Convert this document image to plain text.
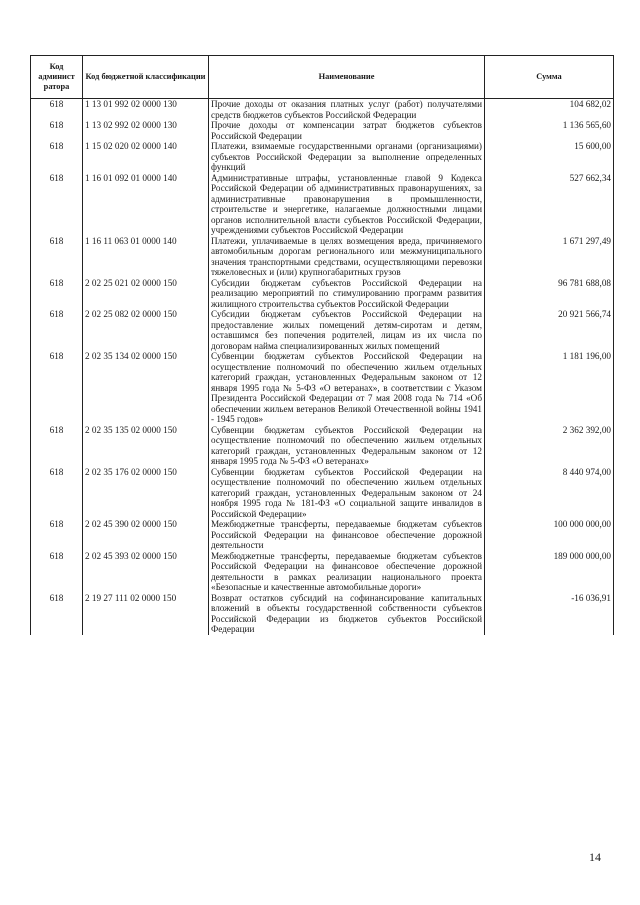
Код админист ратора	Код бюджетной классификации	Наименование	Сумма
618	1 13 01 992 02 0000 130	Прочие доходы от оказания платных услуг (работ) получателями средств бюджетов субъектов Российской Федерации	104 682,02
618	1 13 02 992 02 0000 130	Прочие доходы от компенсации затрат бюджетов субъектов Российской Федерации	1 136 565,60
618	1 15 02 020 02 0000 140	Платежи, взимаемые государственными органами (организациями) субъектов Российской Федерации за выполнение определенных функций	15 600,00
618	1 16 01 092 01 0000 140	Административные штрафы, установленные главой 9 Кодекса Российской Федерации об административных правонарушениях, за административные правонарушения в промышленности, строительстве и энергетике, налагаемые должностными лицами органов исполнительной власти субъектов Российской Федерации, учреждениями субъектов Российской Федерации	527 662,34
618	1 16 11 063 01 0000 140	Платежи, уплачиваемые в целях возмещения вреда, причиняемого автомобильным дорогам регионального или межмуниципального значения транспортными средствами, осуществляющими перевозки тяжеловесных и (или) крупногабаритных грузов	1 671 297,49
618	2 02 25 021 02 0000 150	Субсидии бюджетам субъектов Российской Федерации на реализацию мероприятий по стимулированию программ развития жилищного строительства субъектов Российской Федерации	96 781 688,08
618	2 02 25 082 02 0000 150	Субсидии бюджетам субъектов Российской Федерации на предоставление жилых помещений детям-сиротам и детям, оставшимся без попечения родителей, лицам из их числа по договорам найма специализированных жилых помещений	20 921 566,74
618	2 02 35 134 02 0000 150	Субвенции бюджетам субъектов Российской Федерации на осуществление полномочий по обеспечению жильем отдельных категорий граждан, установленных Федеральным законом от 12 января 1995 года № 5-ФЗ «О ветеранах», в соответствии с Указом Президента Российской Федерации от 7 мая 2008 года № 714 «Об обеспечении жильем ветеранов Великой Отечественной войны 1941 - 1945 годов»	1 181 196,00
618	2 02 35 135 02 0000 150	Субвенции бюджетам субъектов Российской Федерации на осуществление полномочий по обеспечению жильем отдельных категорий граждан, установленных Федеральным законом от 12 января 1995 года № 5-ФЗ «О ветеранах»	2 362 392,00
618	2 02 35 176 02 0000 150	Субвенции бюджетам субъектов Российской Федерации на осуществление полномочий по обеспечению жильем отдельных категорий граждан, установленных Федеральным законом от 24 ноября 1995 года № 181-ФЗ «О социальной защите инвалидов в Российской Федерации»	8 440 974,00
618	2 02 45 390 02 0000 150	Межбюджетные трансферты, передаваемые бюджетам субъектов Российской Федерации на финансовое обеспечение дорожной деятельности	100 000 000,00
618	2 02 45 393 02 0000 150	Межбюджетные трансферты, передаваемые бюджетам субъектов Российской Федерации на финансовое обеспечение дорожной деятельности в рамках реализации национального проекта «Безопасные и качественные автомобильные дороги»	189 000 000,00
618	2 19 27 111 02 0000 150	Возврат остатков субсидий на софинансирование капитальных вложений в объекты государственной собственности субъектов Российской Федерации из бюджетов субъектов Российской Федерации	-16 036,91
14
